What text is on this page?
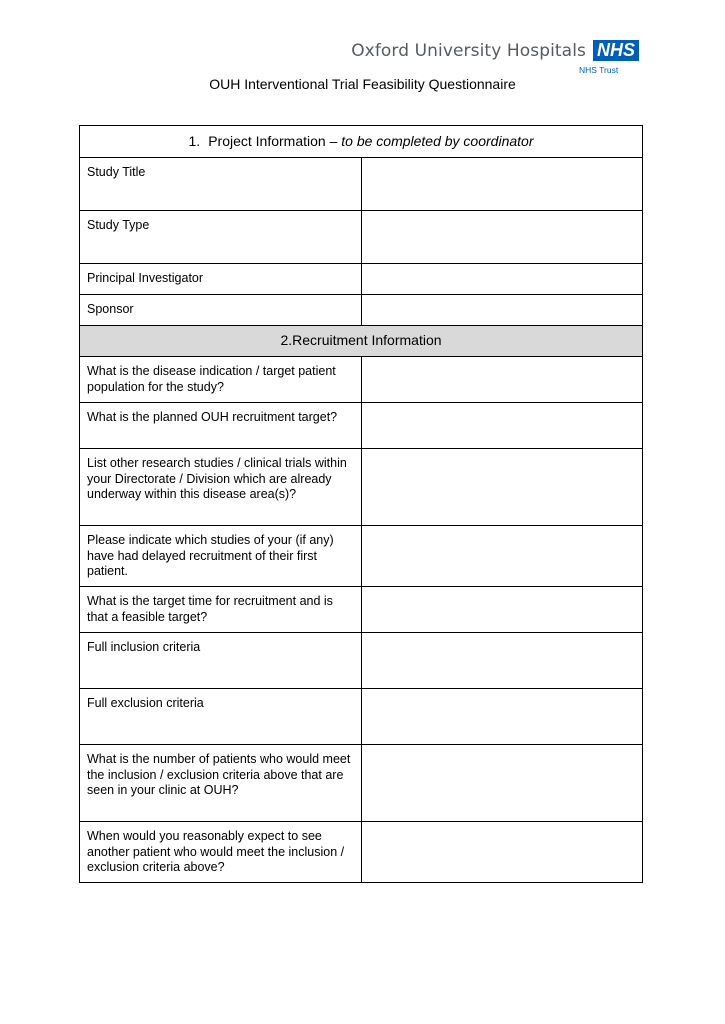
Oxford University Hospitals NHS
NHS Trust
OUH Interventional Trial Feasibility Questionnaire
1. Project Information – to be completed by coordinator	
Study Title	
Study Type	
Principal Investigator	
Sponsor	
2.Recruitment Information	
What is the disease indication / target patient population for the study?	
What is the planned OUH recruitment target?	
List other research studies / clinical trials within your Directorate / Division which are already underway within this disease area(s)?	
Please indicate which studies of your (if any) have had delayed recruitment of their first patient.	
What is the target time for recruitment and is that a feasible target?	
Full inclusion criteria	
Full exclusion criteria	
What is the number of patients who would meet the inclusion / exclusion criteria above that are seen in your clinic at OUH?	
When would you reasonably expect to see another patient who would meet the inclusion / exclusion criteria above?	
